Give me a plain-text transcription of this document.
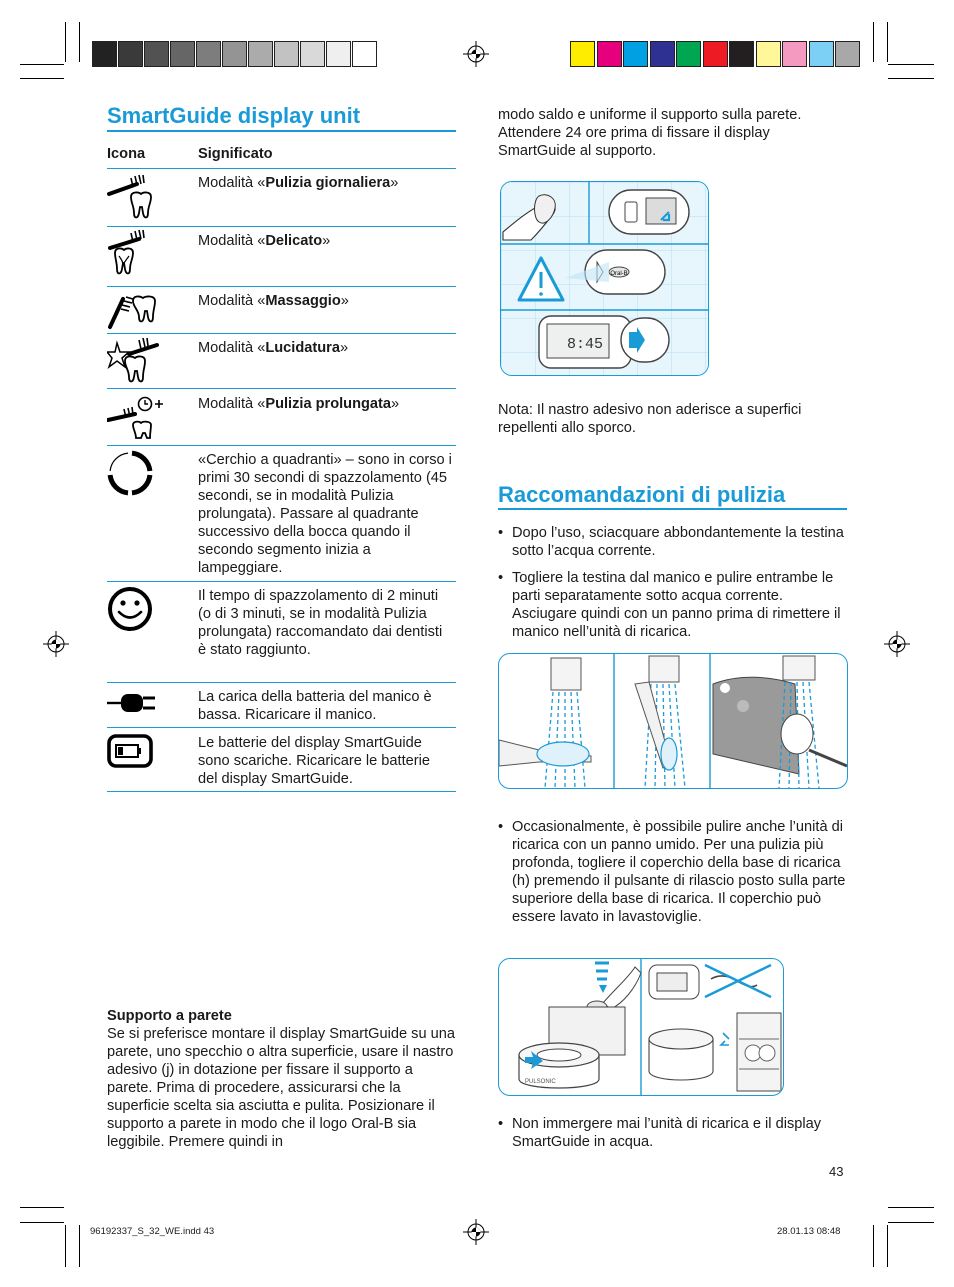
SmartGuide display unit
Icona	Significato
Modalità «Pulizia giornaliera»
Modalità «Delicato»
Modalità «Massaggio»
Modalità «Lucidatura»
Modalità «Pulizia prolungata»
«Cerchio a quadranti» – sono in corso i primi 30 secondi di spazzolamento (45 secondi, se in modalità Pulizia prolungata). Passare al quadrante successivo della bocca quando il secondo segmento inizia a lampeggiare.
Il tempo di spazzolamento di 2 minuti (o di 3 minuti, se in modalità Pulizia prolungata) raccomandato dai dentisti è stato raggiunto.
La carica della batteria del manico è bassa. Ricaricare il manico.
Le batterie del display SmartGuide sono scariche. Ricaricare le batterie del display SmartGuide.
Supporto a parete
Se si preferisce montare il display SmartGuide su una parete, uno specchio o altra superficie, usare il nastro adesivo (j) in dotazione per fissare il supporto a parete. Prima di procedere, assicurarsi che la superficie scelta sia asciutta e pulita. Posizionare il supporto a parete in modo che il logo Oral-B sia leggibile. Premere quindi in
modo saldo e uniforme il supporto sulla parete. Attendere 24 ore prima di fissare il display SmartGuide al supporto.
Oral-B
8:45
Nota: Il nastro adesivo non aderisce a superfici repellenti allo sporco.
Raccomandazioni di pulizia
• Dopo l’uso, sciacquare abbondantemente la testina sotto l’acqua corrente.
• Togliere la testina dal manico e pulire entrambe le parti separatamente sotto acqua corrente. Asciugare quindi con un panno prima di rimettere il manico nell’unità di ricarica.
• Occasionalmente, è possibile pulire anche l’unità di ricarica con un panno umido. Per una pulizia più profonda, togliere il coperchio della base di ricarica (h) premendo il pulsante di rilascio posto sulla parte superiore della base di ricarica. Il coperchio può essere lavato in lavastoviglie.
PULSONIC
• Non immergere mai l’unità di ricarica e il display SmartGuide in acqua.
43
96192337_S_32_WE.indd 43	28.01.13 08:48
